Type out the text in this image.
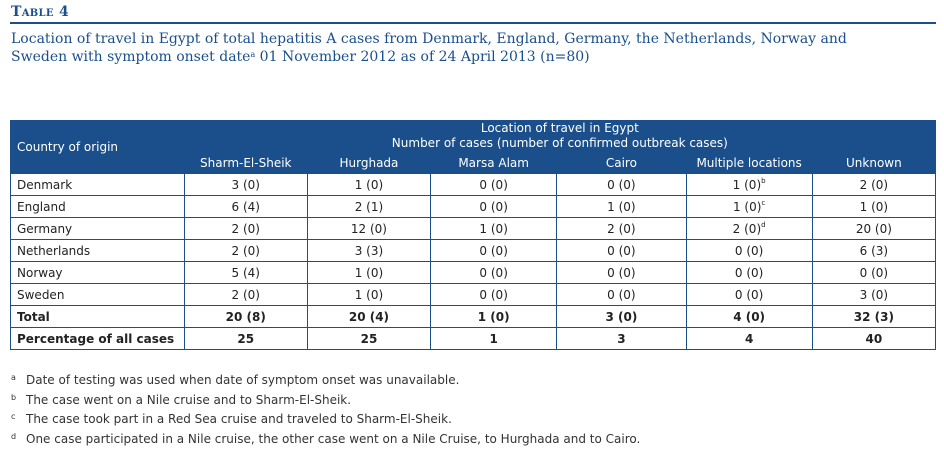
Table 4
Location of travel in Egypt of total hepatitis A cases from Denmark, England, Germany, the Netherlands, Norway and
Sweden with symptom onset date$^a$ 01 November 2012 as of 24 April 2013 (n=80)
Country of origin	Location of travel in Egypt
Number of cases (number of confirmed outbreak cases)					
	Sharm-El-Sheik	Hurghada	Marsa Alam	Cairo	Multiple locations	Unknown
Denmark	3 (0)	1 (0)	0 (0)	0 (0)	1 $(0)^b$	2 (0)
England	6 (4)	2 (1)	0 (0)	1 (0)	1 $(0)^c$	1 (0)
Germany	2 (0)	12 (0)	1 (0)	2 (0)	2 $(0)^d$	20 (0)
Netherlands	2 (0)	3 (3)	0 (0)	0 (0)	0 (0)	6 (3)
Norway	5 (4)	1 (0)	0 (0)	0 (0)	0 (0)	0 (0)
Sweden	2 (0)	1 (0)	0 (0)	0 (0)	0 (0)	3 (0)
Total	20 (8)	20 (4)	1 (0)	3 (0)	4 (0)	32 (3)
Percentage of all cases	25	25	1	3	4	40
a Date of testing was used when date of symptom onset was unavailable.
b The case went on a Nile cruise and to Sharm-El-Sheik.
c The case took part in a Red Sea cruise and traveled to Sharm-El-Sheik.
d One case participated in a Nile cruise, the other case went on a Nile Cruise, to Hurghada and to Cairo.
